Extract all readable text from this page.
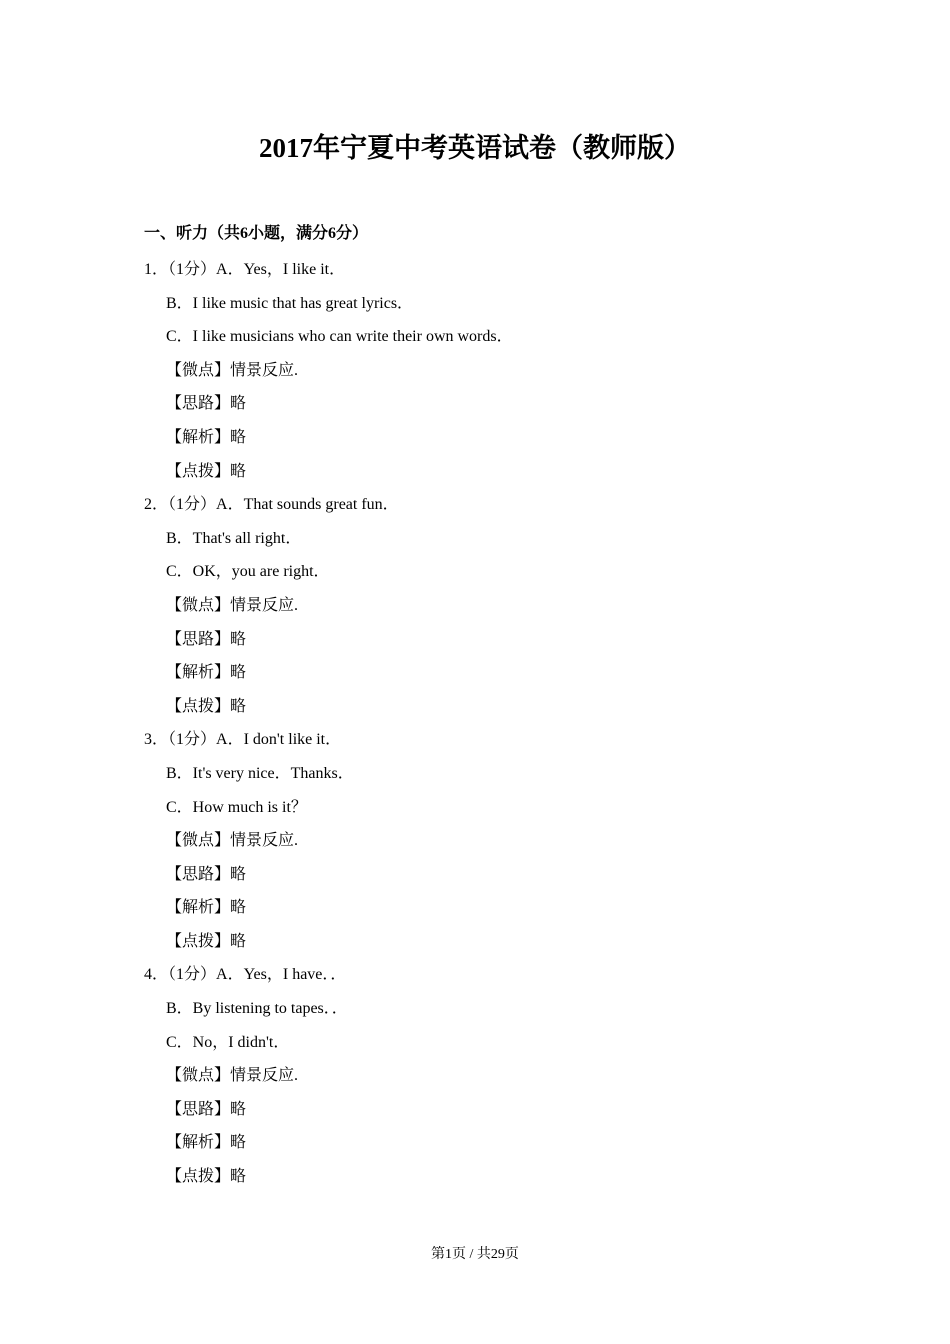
2017年宁夏中考英语试卷（教师版）
一、听力（共6小题，满分6分）
1．（1分）A．Yes，I like it．
B．I like music that has great lyrics．
C．I like musicians who can write their own words．
【微点】情景反应.
【思路】略
【解析】略
【点拨】略
2．（1分）A．That sounds great fun．
B．That's all right．
C．OK，you are right．
【微点】情景反应.
【思路】略
【解析】略
【点拨】略
3．（1分）A．I don't like it．
B．It's very nice．Thanks．
C．How much is it？
【微点】情景反应.
【思路】略
【解析】略
【点拨】略
4．（1分）A．Yes，I have．．
B．By listening to tapes．．
C．No，I didn't．
【微点】情景反应.
【思路】略
【解析】略
【点拨】略
第1页 / 共29页
